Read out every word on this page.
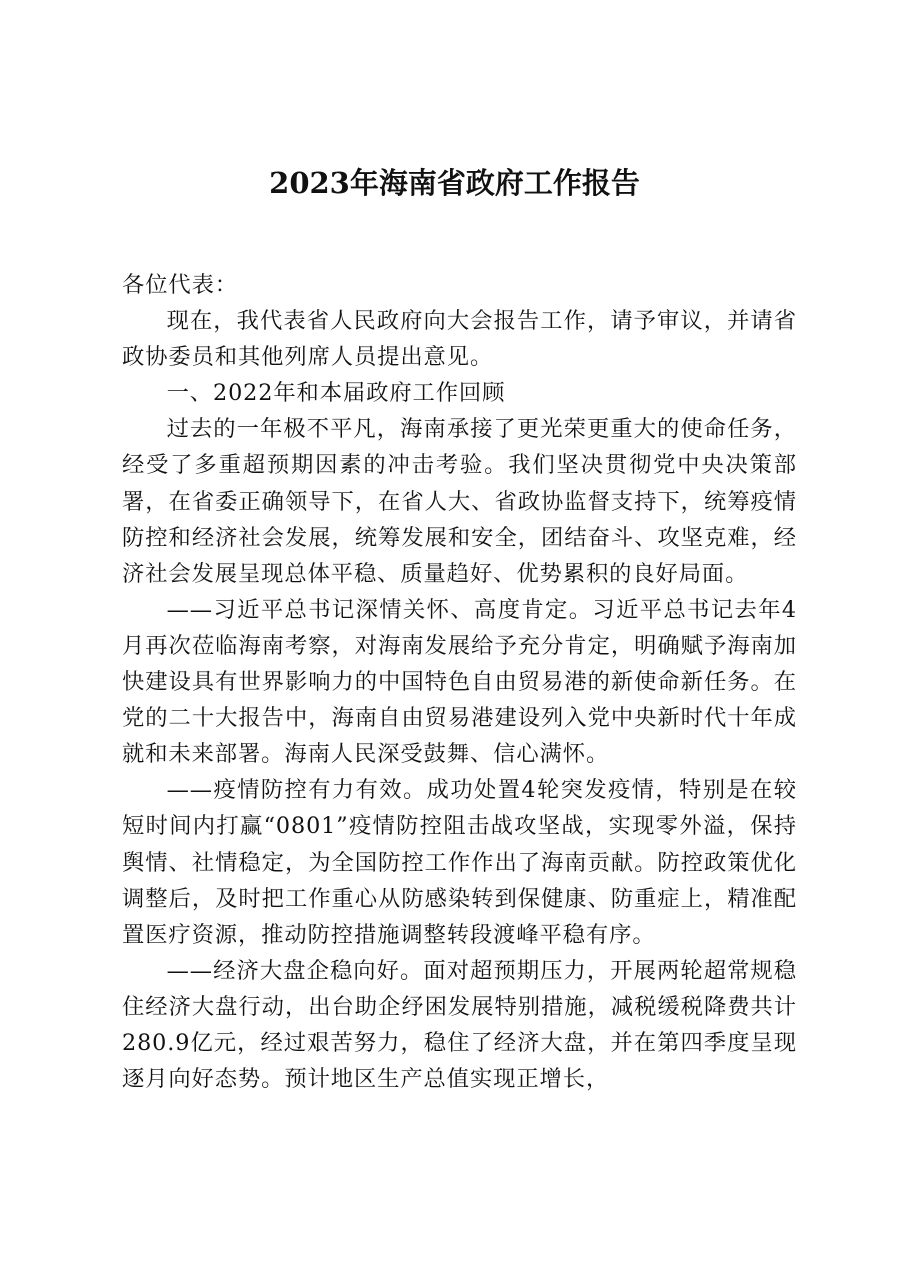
2023年海南省政府工作报告

各位代表：

现在，我代表省人民政府向大会报告工作，请予审议，并请省政协委员和其他列席人员提出意见。

一、2022年和本届政府工作回顾

过去的一年极不平凡，海南承接了更光荣更重大的使命任务，经受了多重超预期因素的冲击考验。我们坚决贯彻党中央决策部署，在省委正确领导下，在省人大、省政协监督支持下，统筹疫情防控和经济社会发展，统筹发展和安全，团结奋斗、攻坚克难，经济社会发展呈现总体平稳、质量趋好、优势累积的良好局面。

——习近平总书记深情关怀、高度肯定。习近平总书记去年4月再次莅临海南考察，对海南发展给予充分肯定，明确赋予海南加快建设具有世界影响力的中国特色自由贸易港的新使命新任务。在党的二十大报告中，海南自由贸易港建设列入党中央新时代十年成就和未来部署。海南人民深受鼓舞、信心满怀。

——疫情防控有力有效。成功处置4轮突发疫情，特别是在较短时间内打赢“0801”疫情防控阻击战攻坚战，实现零外溢，保持舆情、社情稳定，为全国防控工作作出了海南贡献。防控政策优化调整后，及时把工作重心从防感染转到保健康、防重症上，精准配置医疗资源，推动防控措施调整转段渡峰平稳有序。

——经济大盘企稳向好。面对超预期压力，开展两轮超常规稳住经济大盘行动，出台助企纾困发展特别措施，减税缓税降费共计280.9亿元，经过艰苦努力，稳住了经济大盘，并在第四季度呈现逐月向好态势。预计地区生产总值实现正增长，
